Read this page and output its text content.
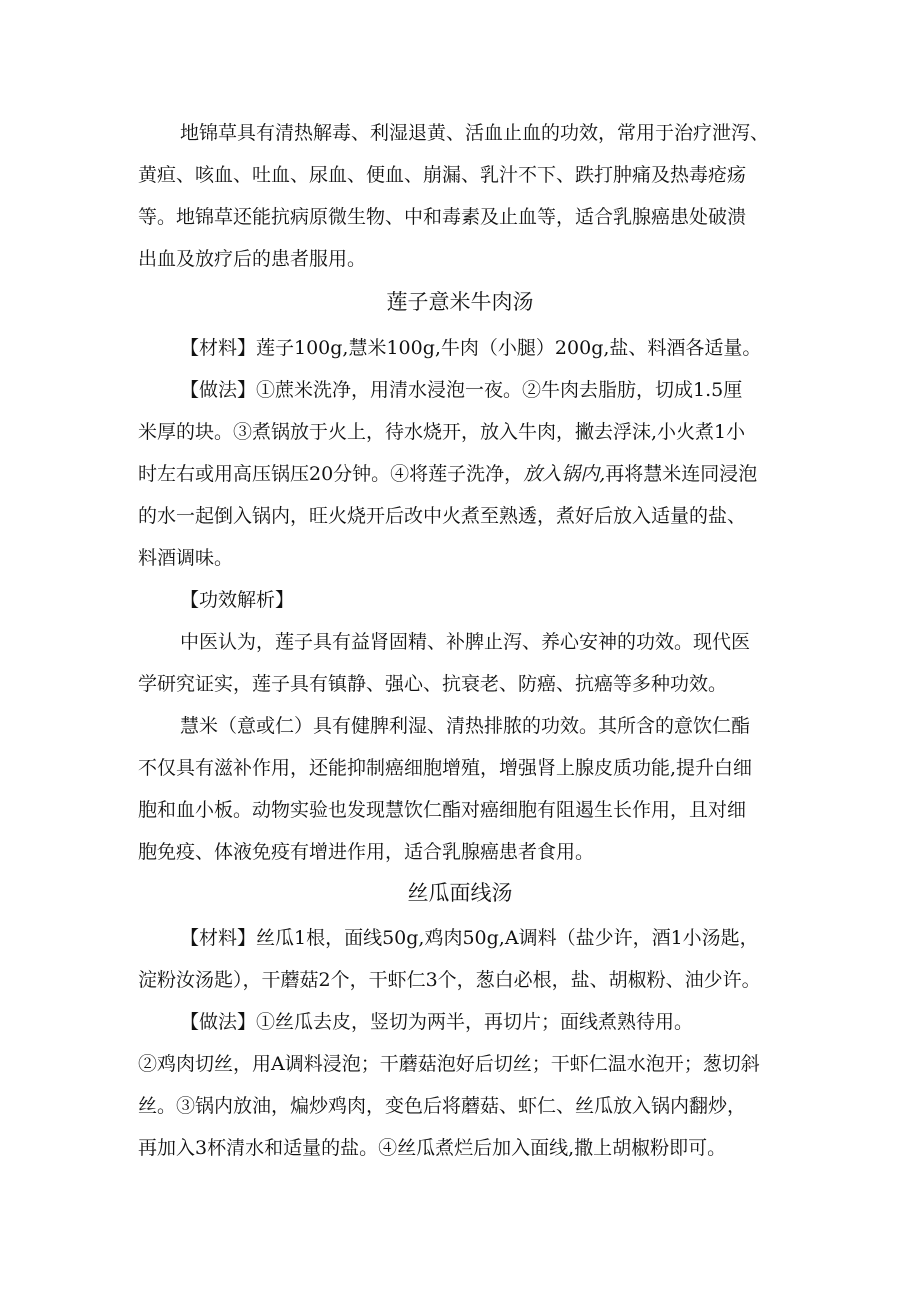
地锦草具有清热解毒、利湿退黄、活血止血的功效，常用于治疗泄泻、
黄疸、咳血、吐血、尿血、便血、崩漏、乳汁不下、跌打肿痛及热毒疮疡
等。地锦草还能抗病原微生物、中和毒素及止血等，适合乳腺癌患处破溃
出血及放疗后的患者服用。
莲子意米牛肉汤
【材料】莲子100g,慧米100g,牛肉（小腿）200g,盐、料酒各适量。
【做法】①蔗米洗净，用清水浸泡一夜。②牛肉去脂肪，切成1.5厘
米厚的块。③煮锅放于火上，待水烧开，放入牛肉，撇去浮沫,小火煮1小
时左右或用高压锅压20分钟。④将莲子洗净，放入锅内,再将慧米连同浸泡
的水一起倒入锅内，旺火烧开后改中火煮至熟透，煮好后放入适量的盐、
料酒调味。
【功效解析】
中医认为，莲子具有益肾固精、补脾止泻、养心安神的功效。现代医
学研究证实，莲子具有镇静、强心、抗衰老、防癌、抗癌等多种功效。
慧米（意或仁）具有健脾利湿、清热排脓的功效。其所含的意饮仁酯
不仅具有滋补作用，还能抑制癌细胞增殖，增强肾上腺皮质功能,提升白细
胞和血小板。动物实验也发现慧饮仁酯对癌细胞有阻遏生长作用，且对细
胞免疫、体液免疫有增进作用，适合乳腺癌患者食用。
丝瓜面线汤
【材料】丝瓜1根，面线50g,鸡肉50g,A调料（盐少许，酒1小汤匙，
淀粉汝汤匙），干蘑菇2个，干虾仁3个，葱白必根，盐、胡椒粉、油少许。
【做法】①丝瓜去皮，竖切为两半，再切片；面线煮熟待用。
②鸡肉切丝，用A调料浸泡；干蘑菇泡好后切丝；干虾仁温水泡开；葱切斜
丝。③锅内放油，煸炒鸡肉，变色后将蘑菇、虾仁、丝瓜放入锅内翻炒，
再加入3杯清水和适量的盐。④丝瓜煮烂后加入面线,撒上胡椒粉即可。
